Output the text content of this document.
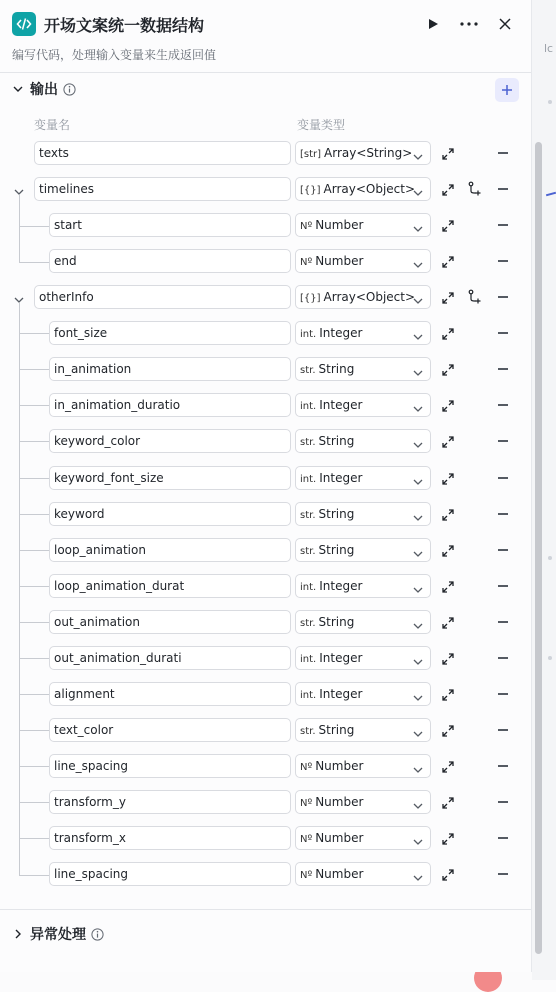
lc
开场文案统一数据结构
编写代码，处理输入变量来生成返回值
输出
变量名	变量类型
texts	[str] Array<String>
timelines	[{}] Array<Object>
start	Nº Number
end	Nº Number
otherInfo	[{}] Array<Object>
font_size	int. Integer
in_animation	str. String
in_animation_duratio	int. Integer
keyword_color	str. String
keyword_font_size	int. Integer
keyword	str. String
loop_animation	str. String
loop_animation_durat	int. Integer
out_animation	str. String
out_animation_durati	int. Integer
alignment	int. Integer
text_color	str. String
line_spacing	Nº Number
transform_y	Nº Number
transform_x	Nº Number
line_spacing	Nº Number
异常处理
